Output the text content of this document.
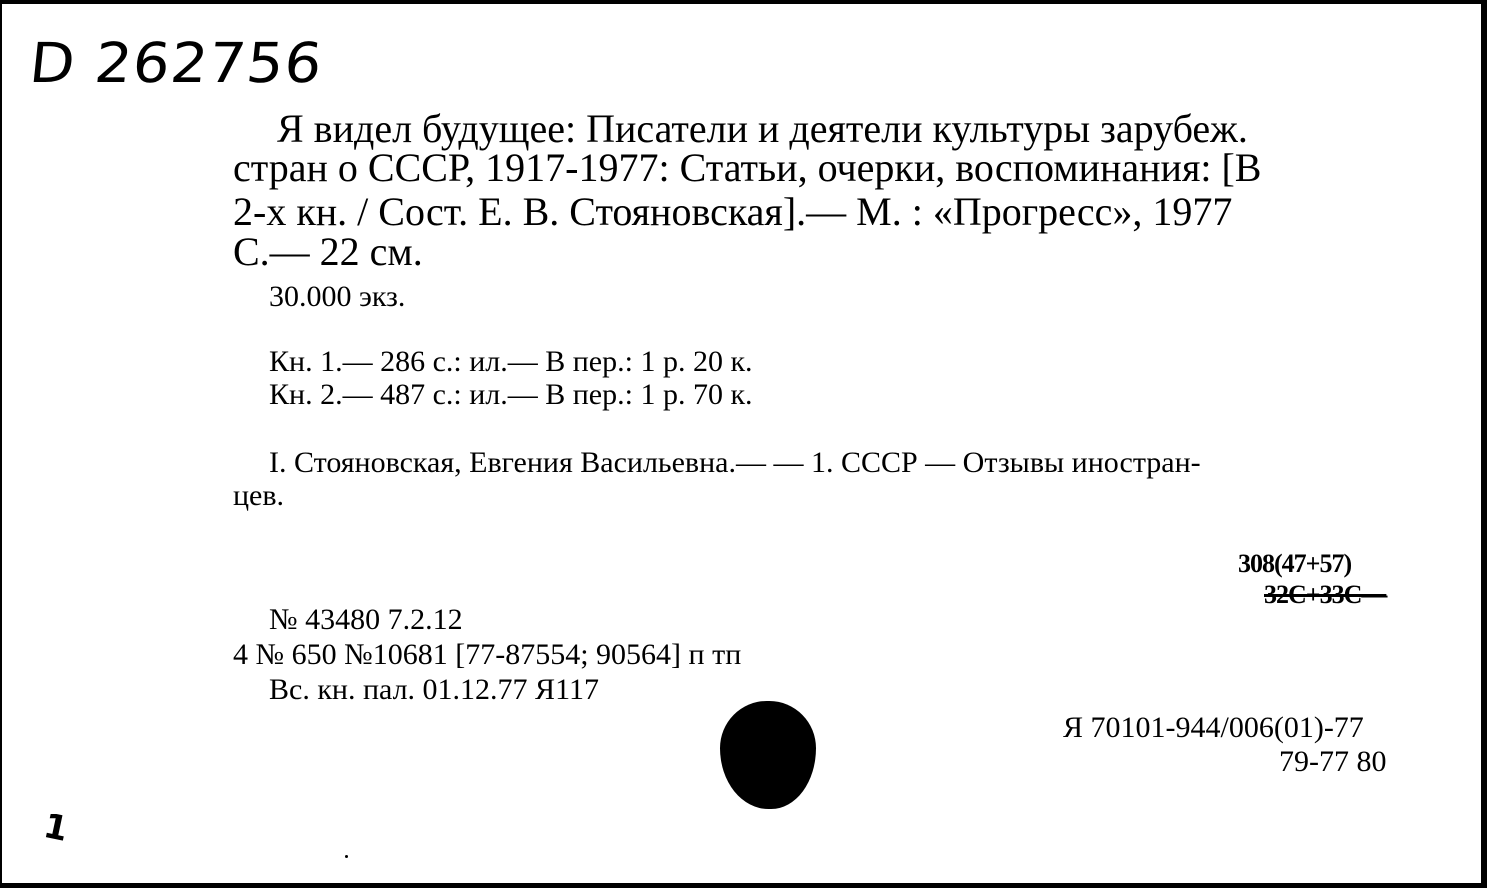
D 262756
Я видел будущее: Писатели и деятели культуры зарубеж.
стран о СССР, 1917-1977: Статьи, очерки, воспоминания: [В
2-х кн. / Сост. Е. В. Стояновская].— М. : «Прогресс», 1977
С.— 22 см.
30.000 экз.
Кн. 1.— 286 с.: ил.— В пер.: 1 р. 20 к.
Кн. 2.— 487 с.: ил.— В пер.: 1 р. 70 к.
I. Стояновская, Евгения Васильевна.— — 1. СССР — Отзывы иностран-
цев.
308(47+57)
32С+33С—
№ 43480 7.2.12
4 № 650 №10681 [77-87554; 90564] п тп
Вс. кн. пал. 01.12.77 Я117
Я 70101-944/006(01)-77
79-77 80
1
